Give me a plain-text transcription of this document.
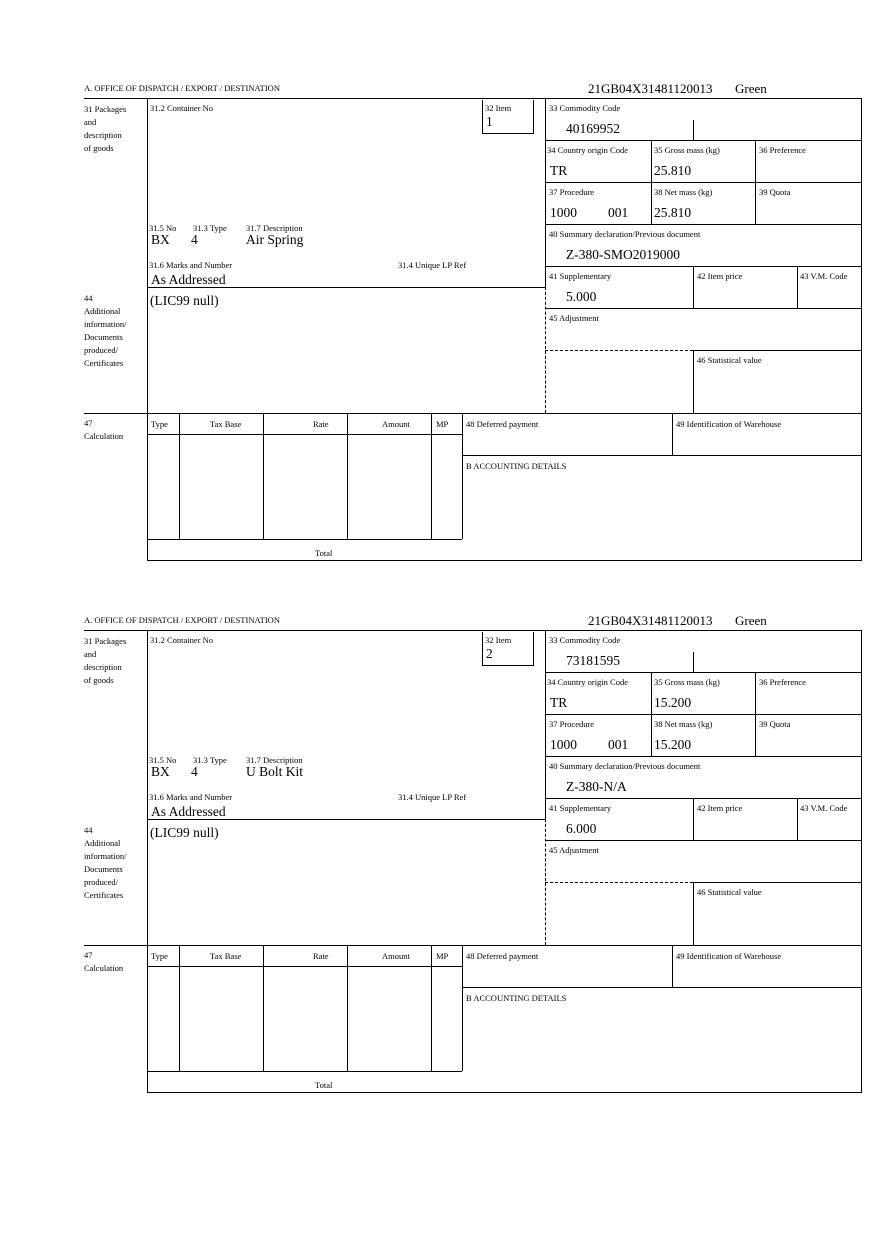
A. OFFICE OF DISPATCH / EXPORT / DESTINATION	21GB04X31481120013 Green
31 Packages
and
description
of goods
31.2 Container No	32 Item
1
33 Commodity Code
40169952
34 Country origin Code
TR
35 Gross mass (kg)
25.810
36 Preference
37 Procedure
1000 001
38 Net mass (kg)
25.810
39 Quota
40 Summary declaration/Previous document
Z-380-SMO2019000
41 Supplementary
5.000
42 Item price	43 V.M. Code
45 Adjustment
46 Statistical value
31.5 No 31.3 Type 31.7 Description
BX 4	Air Spring
31.6 Marks and Number	31.4 Unique LP Ref
As Addressed
44
Additional
information/
Documents
produced/
Certificates
(LIC99 null)
47
Calculation
Type	Tax Base	Rate	Amount	MP
Total
48 Deferred payment	49 Identification of Warehouse
B ACCOUNTING DETAILS
A. OFFICE OF DISPATCH / EXPORT / DESTINATION	21GB04X31481120013 Green
31 Packages
and
description
of goods
31.2 Container No	32 Item
2
33 Commodity Code
73181595
34 Country origin Code
TR
35 Gross mass (kg)
15.200
36 Preference
37 Procedure
1000 001
38 Net mass (kg)
15.200
39 Quota
40 Summary declaration/Previous document
Z-380-N/A
41 Supplementary
6.000
42 Item price	43 V.M. Code
45 Adjustment
46 Statistical value
31.5 No 31.3 Type 31.7 Description
BX 4	U Bolt Kit
31.6 Marks and Number	31.4 Unique LP Ref
As Addressed
44
Additional
information/
Documents
produced/
Certificates
(LIC99 null)
47
Calculation
Type	Tax Base	Rate	Amount	MP
Total
48 Deferred payment	49 Identification of Warehouse
B ACCOUNTING DETAILS
